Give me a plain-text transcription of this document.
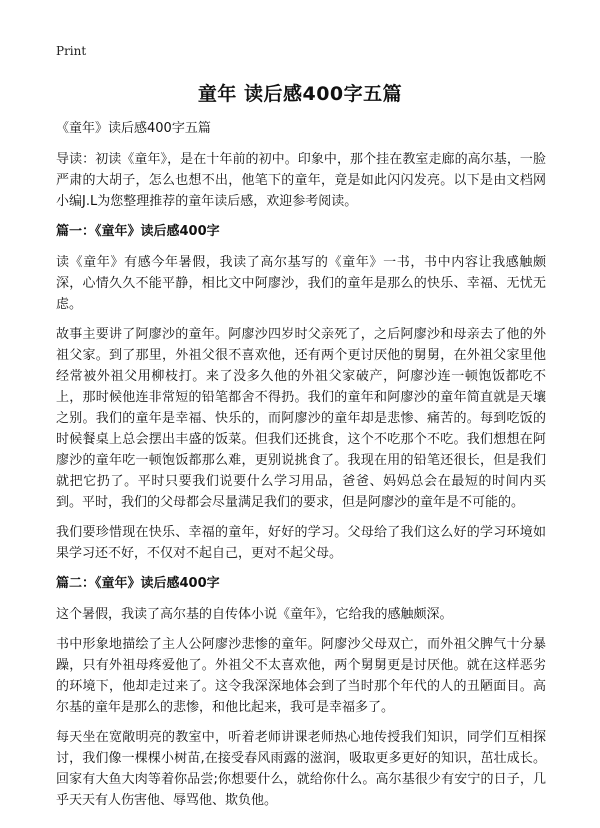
Print
童年 读后感400字五篇
《童年》读后感400字五篇
导读：初读《童年》，是在十年前的初中。印象中，那个挂在教室走廊的高尔基，一脸严肃的大胡子，怎么也想不出，他笔下的童年，竟是如此闪闪发亮。以下是由文档网小编J.L为您整理推荐的童年读后感，欢迎参考阅读。
篇一：《童年》读后感400字
读《童年》有感今年暑假，我读了高尔基写的《童年》一书，书中内容让我感触颇深，心情久久不能平静，相比文中阿廖沙，我们的童年是那么的快乐、幸福、无忧无虑。
故事主要讲了阿廖沙的童年。阿廖沙四岁时父亲死了，之后阿廖沙和母亲去了他的外祖父家。到了那里，外祖父很不喜欢他，还有两个更讨厌他的舅舅，在外祖父家里他经常被外祖父用柳枝打。来了没多久他的外祖父家破产，阿廖沙连一顿饱饭都吃不上，那时候他连非常短的铅笔都舍不得扔。我们的童年和阿廖沙的童年简直就是天壤之别。我们的童年是幸福、快乐的，而阿廖沙的童年却是悲惨、痛苦的。每到吃饭的时候餐桌上总会摆出丰盛的饭菜。但我们还挑食，这个不吃那个不吃。我们想想在阿廖沙的童年吃一顿饱饭都那么难，更别说挑食了。我现在用的铅笔还很长，但是我们就把它扔了。平时只要我们说要什么学习用品，爸爸、妈妈总会在最短的时间内买到。平时，我们的父母都会尽量满足我们的要求，但是阿廖沙的童年是不可能的。
我们要珍惜现在快乐、幸福的童年，好好的学习。父母给了我们这么好的学习环境如果学习还不好，不仅对不起自己，更对不起父母。
篇二：《童年》读后感400字
这个暑假，我读了高尔基的自传体小说《童年》，它给我的感触颇深。
书中形象地描绘了主人公阿廖沙悲惨的童年。阿廖沙父母双亡，而外祖父脾气十分暴躁，只有外祖母疼爱他了。外祖父不太喜欢他，两个舅舅更是讨厌他。就在这样恶劣的环境下，他却走过来了。这令我深深地体会到了当时那个年代的人的丑陋面目。高尔基的童年是那么的悲惨，和他比起来，我可是幸福多了。
每天坐在宽敞明亮的教室中，听着老师讲课老师热心地传授我们知识，同学们互相探讨，我们像一棵棵小树苗,在接受春风雨露的滋润，吸取更多更好的知识，茁壮成长。回家有大鱼大肉等着你品尝;你想要什么，就给你什么。高尔基很少有安宁的日子，几乎天天有人伤害他、辱骂他、欺负他。
